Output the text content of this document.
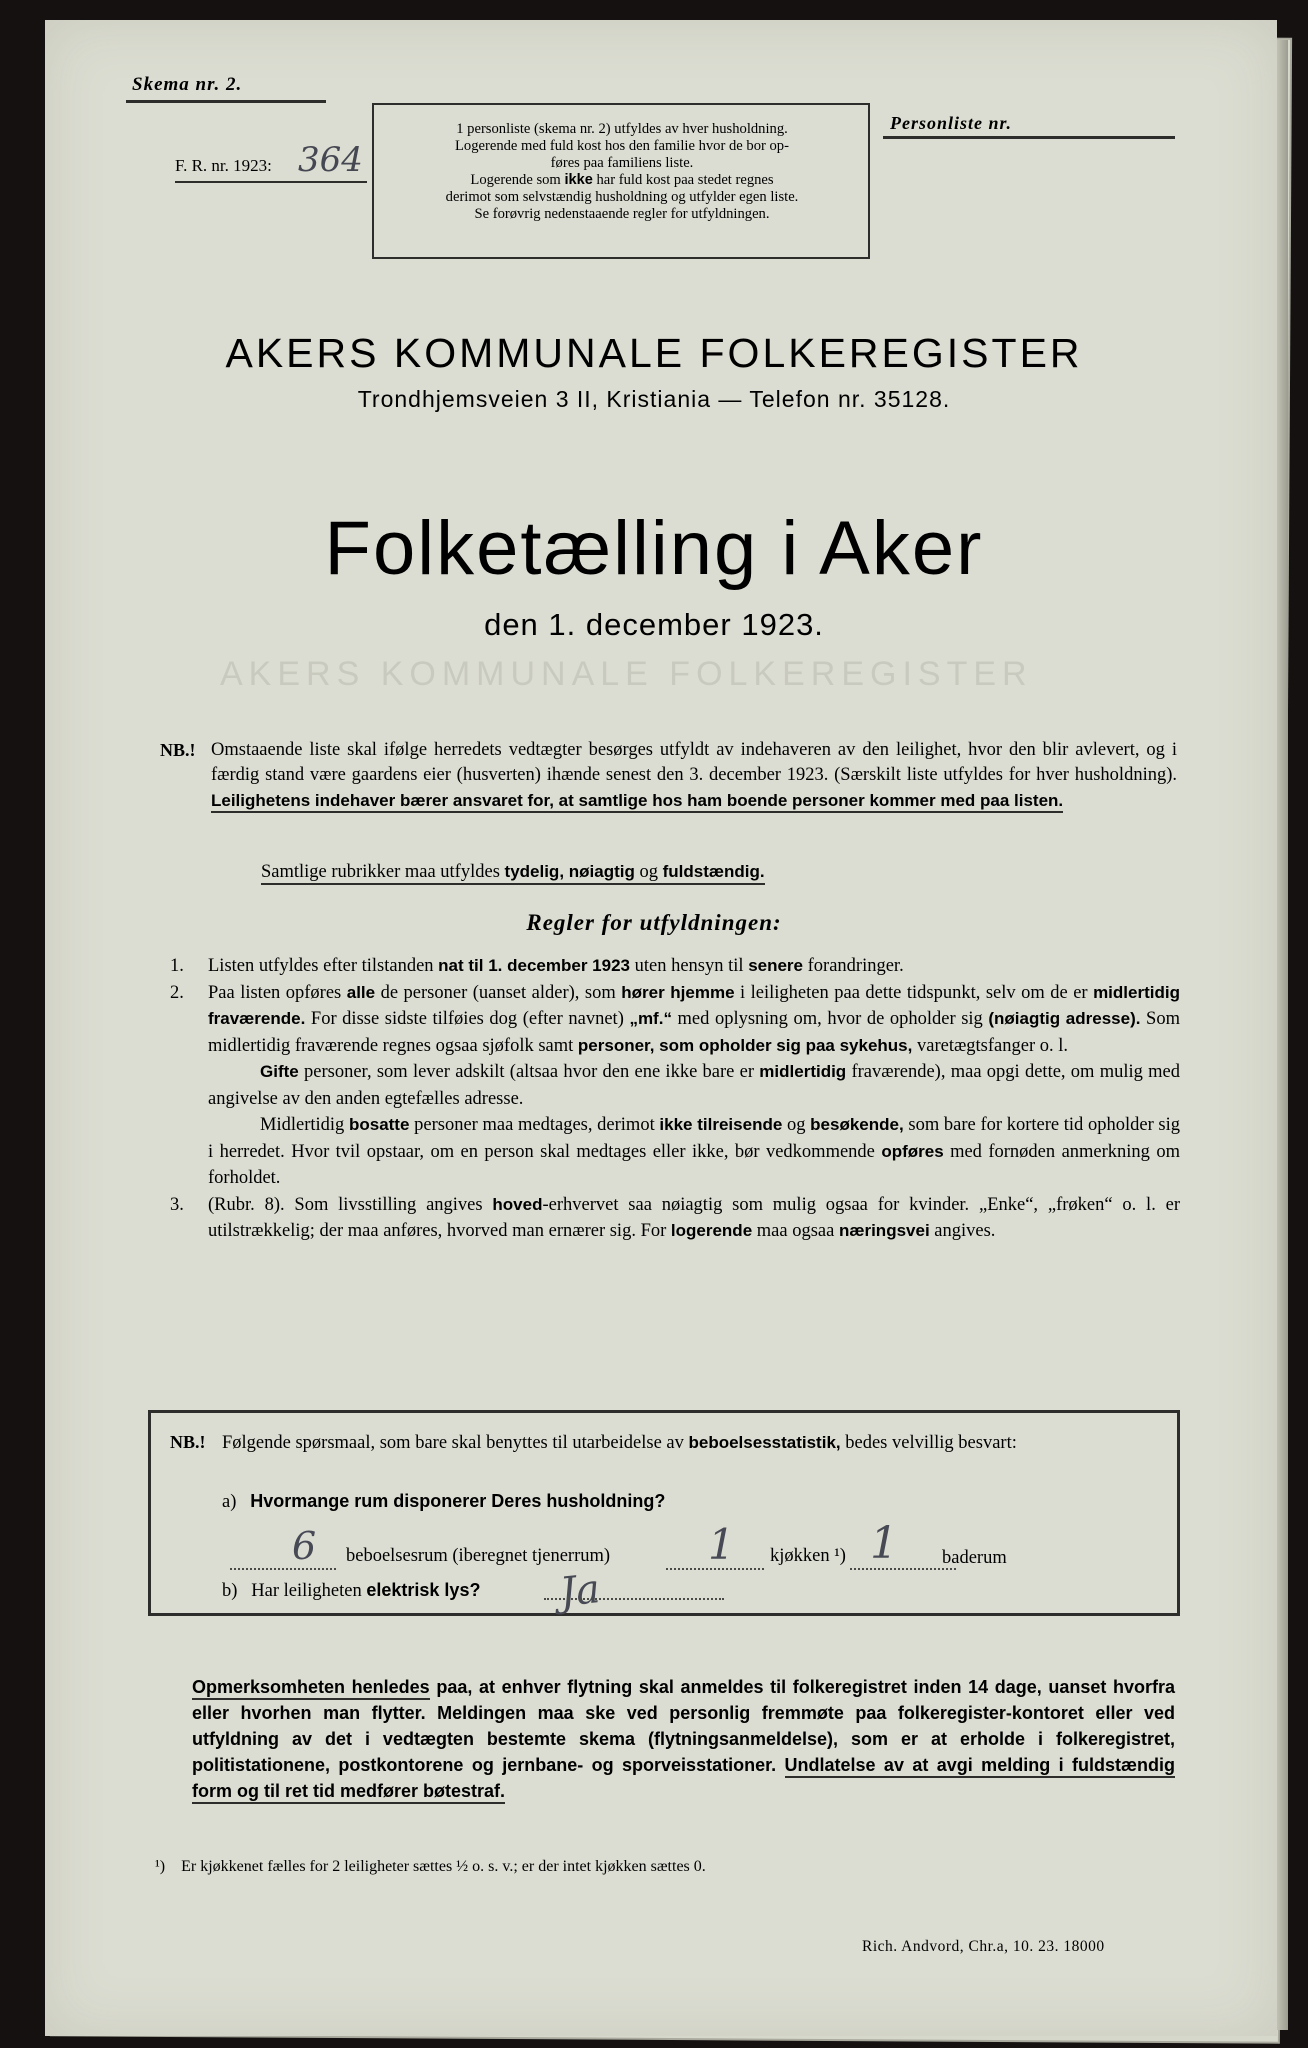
Skema nr. 2.
F. R. nr. 1923: 364
1 personliste (skema nr. 2) utfyldes av hver husholdning.
Logerende med fuld kost hos den familie hvor de bor op-
føres paa familiens liste.
Logerende som ikke har fuld kost paa stedet regnes
derimot som selvstændig husholdning og utfylder egen liste.
Se forøvrig nedenstaaende regler for utfyldningen.
Personliste nr.
AKERS KOMMUNALE FOLKEREGISTER
Trondhjemsveien 3 II, Kristiania — Telefon nr. 35128.
Folketælling i Aker
den 1. december 1923.
AKERS KOMMUNALE FOLKEREGISTER
NB.! Omstaaende liste skal ifølge herredets vedtægter besørges utfyldt av indehaveren av den leilighet, hvor den blir avlevert, og i færdig stand være gaardens eier (husverten) ihænde senest den 3. december 1923. (Særskilt liste utfyldes for hver husholdning). Leilighetens indehaver bærer ansvaret for, at samtlige hos ham boende personer kommer med paa listen.
Samtlige rubrikker maa utfyldes tydelig, nøiagtig og fuldstændig.
Regler for utfyldningen:
1. Listen utfyldes efter tilstanden nat til 1. december 1923 uten hensyn til senere forandringer.

2. Paa listen opføres alle de personer (uanset alder), som hører hjemme i leiligheten paa dette tidspunkt, selv om de er midlertidig fraværende. For disse sidste tilføies dog (efter navnet) „mf.“ med oplysning om, hvor de opholder sig (nøiagtig adresse). Som midlertidig fraværende regnes ogsaa sjøfolk samt personer, som opholder sig paa sykehus, varetægtsfanger o. l.

Gifte personer, som lever adskilt (altsaa hvor den ene ikke bare er midlertidig fraværende), maa opgi dette, om mulig med angivelse av den anden egtefælles adresse.

Midlertidig bosatte personer maa medtages, derimot ikke tilreisende og besøkende, som bare for kortere tid opholder sig i herredet. Hvor tvil opstaar, om en person skal medtages eller ikke, bør vedkommende opføres med fornøden anmerkning om forholdet.

3. (Rubr. 8). Som livsstilling angives hoved-erhvervet saa nøiagtig som mulig ogsaa for kvinder. „Enke“, „frøken“ o. l. er utilstrækkelig; der maa anføres, hvorved man ernærer sig. For logerende maa ogsaa næringsvei angives.

NB.! Følgende spørsmaal, som bare skal benyttes til utarbeidelse av beboelsesstatistik, bedes velvillig besvart:
a) Hvormange rum disponerer Deres husholdning?
6 beboelsesrum (iberegnet tjenerrum) 1 kjøkken ¹) 1 baderum
b) Har leiligheten elektrisk lys? Ja
Opmerksomheten henledes paa, at enhver flytning skal anmeldes til folkeregistret inden 14 dage, uanset hvorfra eller hvorhen man flytter. Meldingen maa ske ved personlig fremmøte paa folkeregister-kontoret eller ved utfyldning av det i vedtægten bestemte skema (flytningsanmeldelse), som er at erholde i folkeregistret, politistationene, postkontorene og jernbane- og sporveisstationer. Undlatelse av at avgi melding i fuldstændig form og til ret tid medfører bøtestraf.
¹) Er kjøkkenet fælles for 2 leiligheter sættes ½ o. s. v.; er der intet kjøkken sættes 0.
Rich. Andvord, Chr.a, 10. 23. 18000
